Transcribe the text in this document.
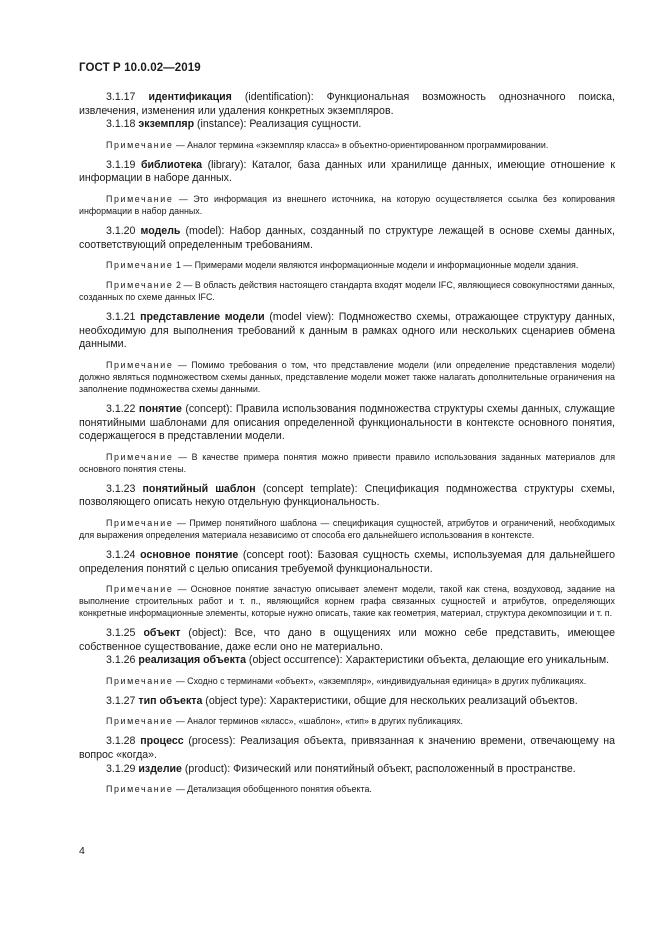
ГОСТ Р 10.0.02—2019

3.1.17 идентификация (identification): Функциональная возможность однозначного поиска, извлечения, изменения или удаления конкретных экземпляров.

3.1.18 экземпляр (instance): Реализация сущности.

Примечание — Аналог термина «экземпляр класса» в объектно-ориентированном программировании.

3.1.19 библиотека (library): Каталог, база данных или хранилище данных, имеющие отношение к информации в наборе данных.

Примечание — Это информация из внешнего источника, на которую осуществляется ссылка без копирования информации в набор данных.

3.1.20 модель (model): Набор данных, созданный по структуре лежащей в основе схемы данных, соответствующий определенным требованиям.

Примечание 1 — Примерами модели являются информационные модели и информационные модели здания.

Примечание 2 — В область действия настоящего стандарта входят модели IFC, являющиеся совокупностями данных, созданных по схеме данных IFC.

3.1.21 представление модели (model view): Подмножество схемы, отражающее структуру данных, необходимую для выполнения требований к данным в рамках одного или нескольких сценариев обмена данными.

Примечание — Помимо требования о том, что представление модели (или определение представления модели) должно являться подмножеством схемы данных, представление модели может также налагать дополнительные ограничения на заполнение подмножества схемы данными.

3.1.22 понятие (concept): Правила использования подмножества структуры схемы данных, служащие понятийными шаблонами для описания определенной функциональности в контексте основного понятия, содержащегося в представлении модели.

Примечание — В качестве примера понятия можно привести правило использования заданных материалов для основного понятия стены.

3.1.23 понятийный шаблон (concept template): Спецификация подмножества структуры схемы, позволяющего описать некую отдельную функциональность.

Примечание — Пример понятийного шаблона — спецификация сущностей, атрибутов и ограничений, необходимых для выражения определения материала независимо от способа его дальнейшего использования в контексте.

3.1.24 основное понятие (concept root): Базовая сущность схемы, используемая для дальнейшего определения понятий с целью описания требуемой функциональности.

Примечание — Основное понятие зачастую описывает элемент модели, такой как стена, воздуховод, задание на выполнение строительных работ и т. п., являющийся корнем графа связанных сущностей и атрибутов, определяющих конкретные информационные элементы, которые нужно описать, такие как геометрия, материал, структура декомпозиции и т. п.

3.1.25 объект (object): Все, что дано в ощущениях или можно себе представить, имеющее собственное существование, даже если оно не материально.

3.1.26 реализация объекта (object occurrence): Характеристики объекта, делающие его уникальным.

Примечание — Сходно с терминами «объект», «экземпляр», «индивидуальная единица» в других публикациях.

3.1.27 тип объекта (object type): Характеристики, общие для нескольких реализаций объектов.

Примечание — Аналог терминов «класс», «шаблон», «тип» в других публикациях.

3.1.28 процесс (process): Реализация объекта, привязанная к значению времени, отвечающему на вопрос «когда».

3.1.29 изделие (product): Физический или понятийный объект, расположенный в пространстве.

Примечание — Детализация обобщенного понятия объекта.

4
